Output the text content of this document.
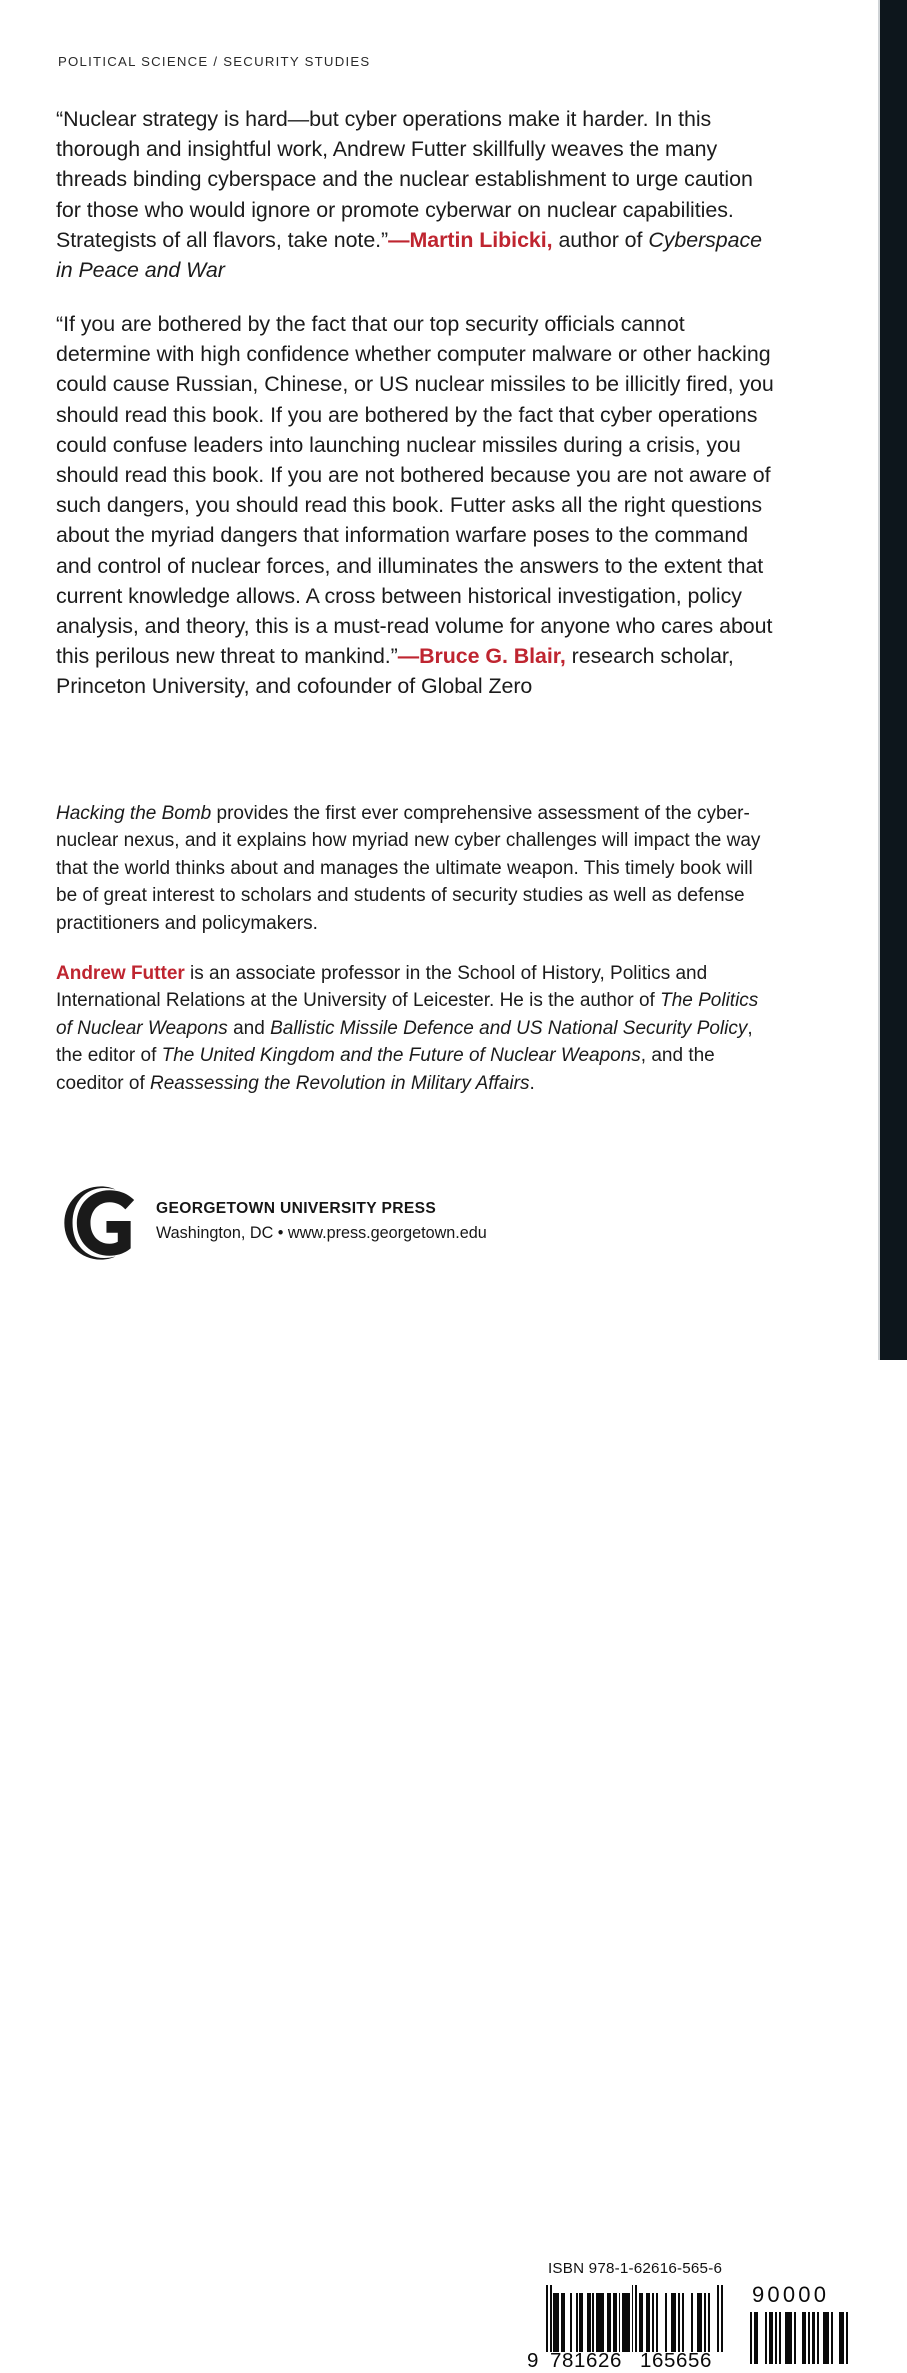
POLITICAL SCIENCE / SECURITY STUDIES
“Nuclear strategy is hard—but cyber operations make it harder. In this thorough and insightful work, Andrew Futter skillfully weaves the many threads binding cyberspace and the nuclear establishment to urge caution for those who would ignore or promote cyberwar on nuclear capabilities. Strategists of all flavors, take note.”—Martin Libicki, author of Cyberspace in Peace and War
“If you are bothered by the fact that our top security officials cannot determine with high confidence whether computer malware or other hacking could cause Russian, Chinese, or US nuclear missiles to be illicitly fired, you should read this book. If you are bothered by the fact that cyber operations could confuse leaders into launching nuclear missiles during a crisis, you should read this book. If you are not bothered because you are not aware of such dangers, you should read this book. Futter asks all the right questions about the myriad dangers that information warfare poses to the command and control of nuclear forces, and illuminates the answers to the extent that current knowledge allows. A cross between historical investigation, policy analysis, and theory, this is a must-read volume for anyone who cares about this perilous new threat to mankind.”—Bruce G. Blair, research scholar, Princeton University, and cofounder of Global Zero
Hacking the Bomb provides the first ever comprehensive assessment of the cyber-nuclear nexus, and it explains how myriad new cyber challenges will impact the way that the world thinks about and manages the ultimate weapon. This timely book will be of great interest to scholars and students of security studies as well as defense practitioners and policymakers.
Andrew Futter is an associate professor in the School of History, Politics and International Relations at the University of Leicester. He is the author of The Politics of Nuclear Weapons and Ballistic Missile Defence and US National Security Policy, the editor of The United Kingdom and the Future of Nuclear Weapons, and the coeditor of Reassessing the Revolution in Military Affairs.
GEORGETOWN UNIVERSITY PRESS
Washington, DC • www.press.georgetown.edu
ISBN 978-1-62616-565-6
9 781626 165656
90000
